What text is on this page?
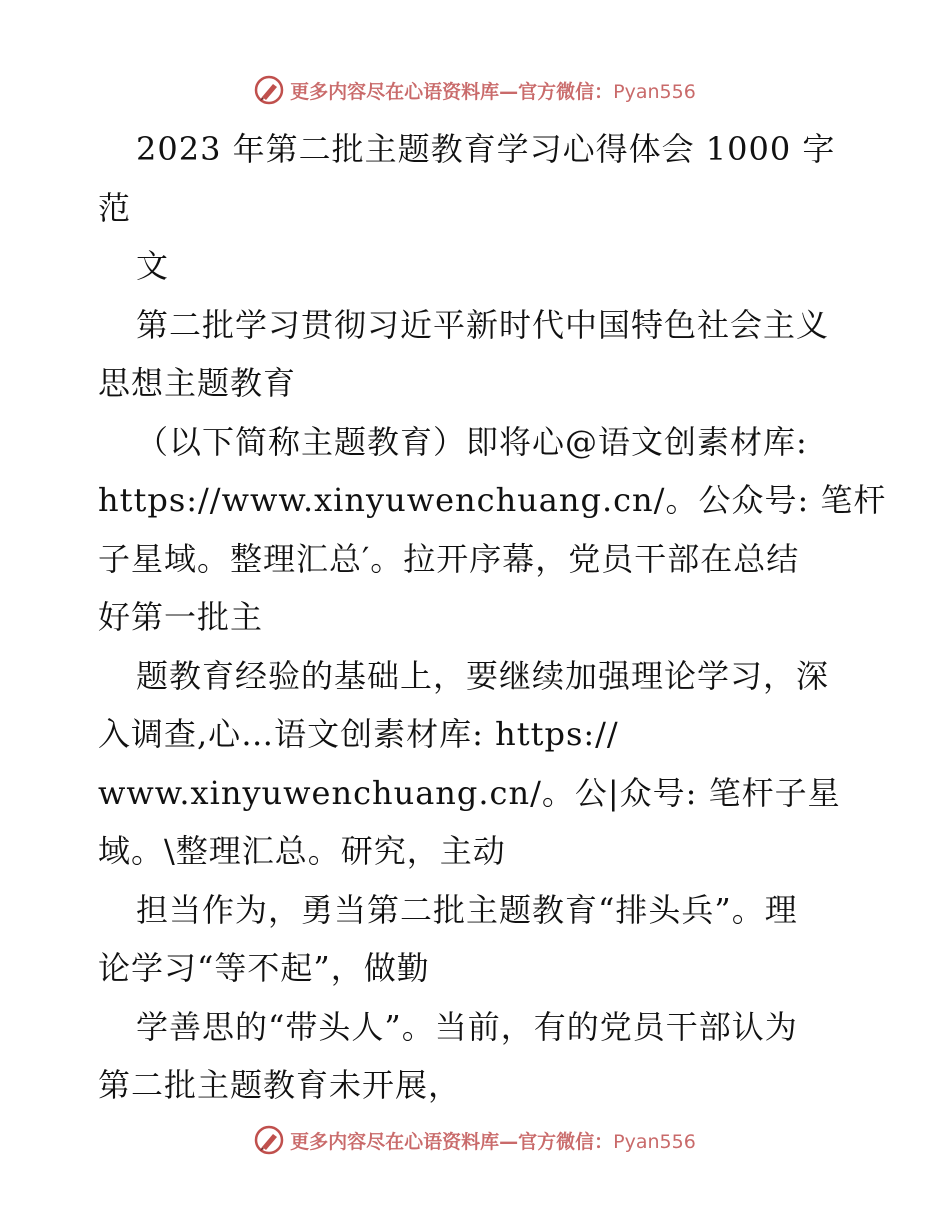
更多内容尽在心语资料库—官方微信：Pyan556
2023 年第二批主题教育学习心得体会 1000 字
范
文
第二批学习贯彻习近平新时代中国特色社会主义
思想主题教育
（以下简称主题教育）即将心@语文创素材库:
https://www.xinyuwenchuang.cn/。公众号: 笔杆
子星域。整理汇总′。拉开序幕，党员干部在总结
好第一批主
题教育经验的基础上，要继续加强理论学习，深
入调查,心…语文创素材库: https://
www.xinyuwenchuang.cn/。公|众号: 笔杆子星
域。\整理汇总。研究，主动
担当作为，勇当第二批主题教育“排头兵”。理
论学习“等不起”，做勤
学善思的“带头人”。当前，有的党员干部认为
第二批主题教育未开展，
更多内容尽在心语资料库—官方微信：Pyan556
